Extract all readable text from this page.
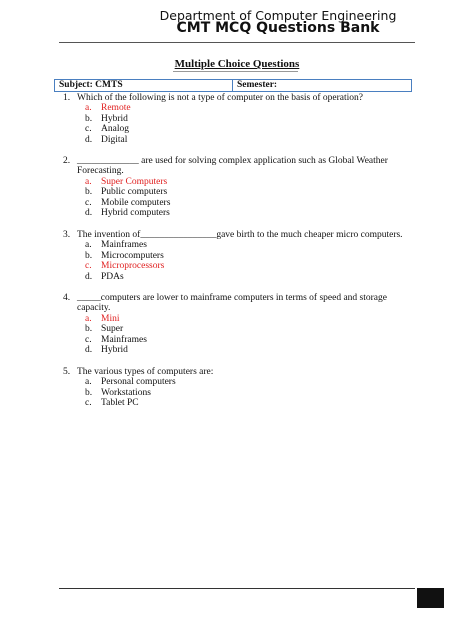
Department of Computer Engineering
CMT MCQ Questions Bank
Multiple Choice Questions
Subject: CMTS	Semester:
1. Which of the following is not a type of computer on the basis of operation?
a. Remote
b. Hybrid
c. Analog
d. Digital
2. _____________ are used for solving complex application such as Global Weather Forecasting.
a. Super Computers
b. Public computers
c. Mobile computers
d. Hybrid computers
3. The invention of________________gave birth to the much cheaper micro computers.
a. Mainframes
b. Microcomputers
c. Microprocessors
d. PDAs
4. _____computers are lower to mainframe computers in terms of speed and storage capacity.
a. Mini
b. Super
c. Mainframes
d. Hybrid
5. The various types of computers are:
a. Personal computers
b. Workstations
c. Tablet PC
